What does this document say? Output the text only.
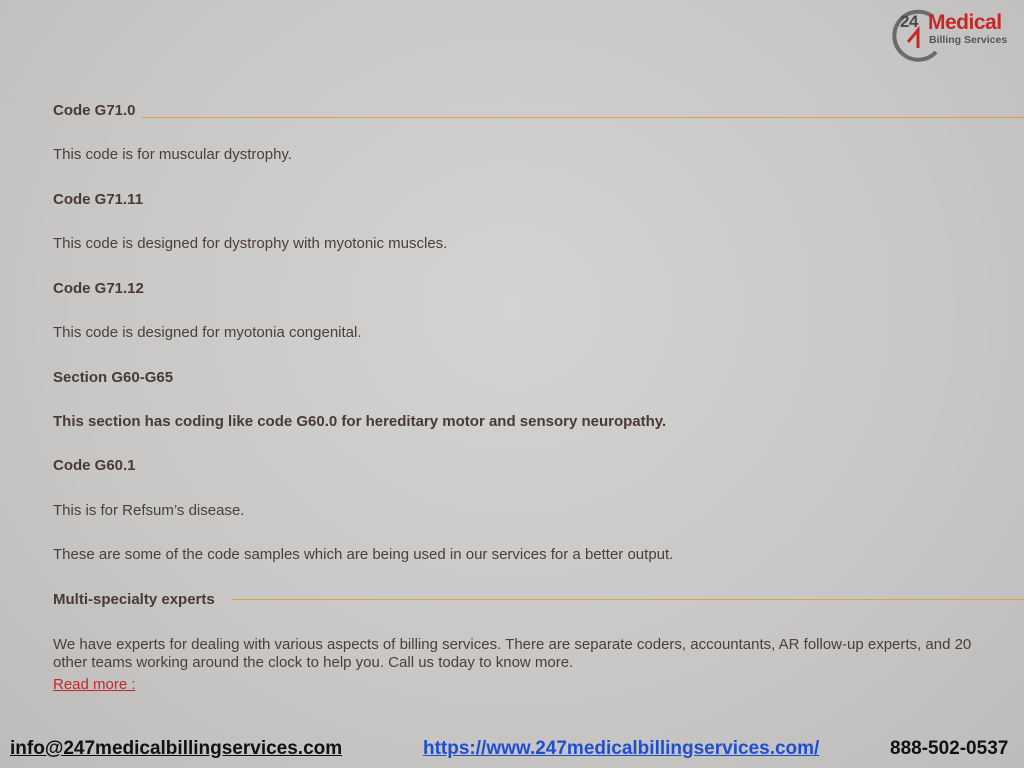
24 Medical
Billing Services
Code G71.0
This code is for muscular dystrophy.
Code G71.11
This code is designed for dystrophy with myotonic muscles.
Code G71.12
This code is designed for myotonia congenital.
Section G60-G65
This section has coding like code G60.0 for hereditary motor and sensory neuropathy.
Code G60.1
This is for Refsum’s disease.
These are some of the code samples which are being used in our services for a better output.
Multi-specialty experts
We have experts for dealing with various aspects of billing services. There are separate coders, accountants, AR follow-up experts, and 20 other teams working around the clock to help you. Call us today to know more.
Read more :
info@247medicalbillingservices.com	https://www.247medicalbillingservices.com/	888-502-0537
